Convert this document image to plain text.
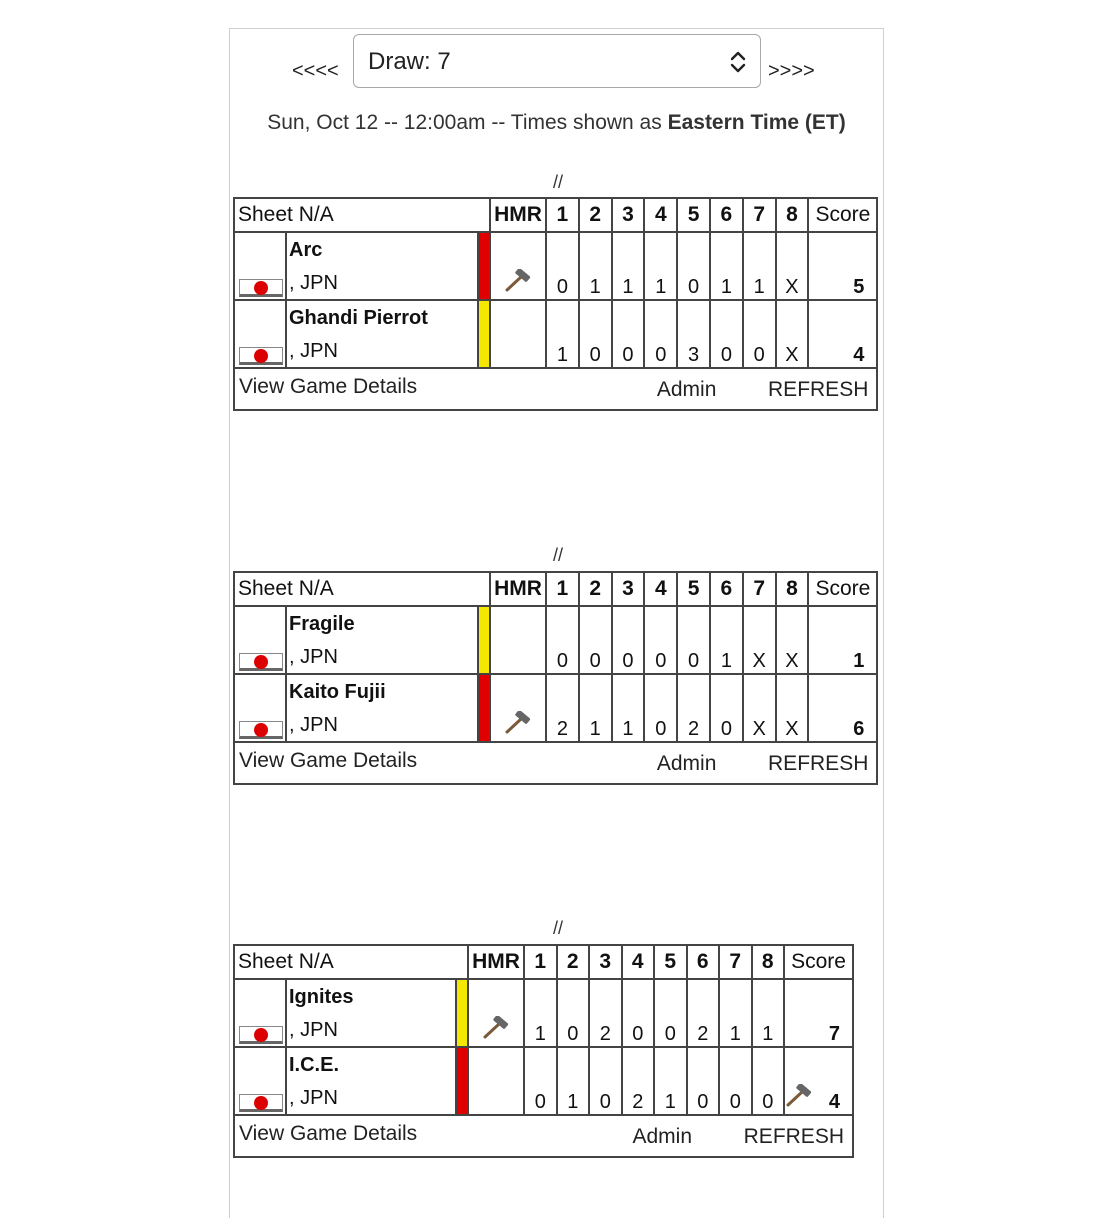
<<<< Draw: 7	>>>>
Sun, Oct 12 -- 12:00am -- Times shown as Eastern Time (ET)
//
Sheet N/A			HMR	1	2	3	4	5	6	7	8	Score

	Arc
, JPN			0	1	1	1	0	1	1	X	5

	Ghandi Pierrot
, JPN			1	0	0	0	3	0	0	X	4

View Game Details Admin REFRESH												
//
Sheet N/A			HMR	1	2	3	4	5	6	7	8	Score

	Fragile
, JPN			0	0	0	0	0	1	X	X	1

	Kaito Fujii
, JPN			2	1	1	0	2	0	X	X	6

View Game Details Admin REFRESH												
//
Sheet N/A			HMR	1	2	3	4	5	6	7	8	Score

	Ignites
, JPN			1	0	2	0	0	2	1	1	7

	I.C.E.
, JPN			0	1	0	2	1	0	0	0	4

View Game Details Admin REFRESH												
